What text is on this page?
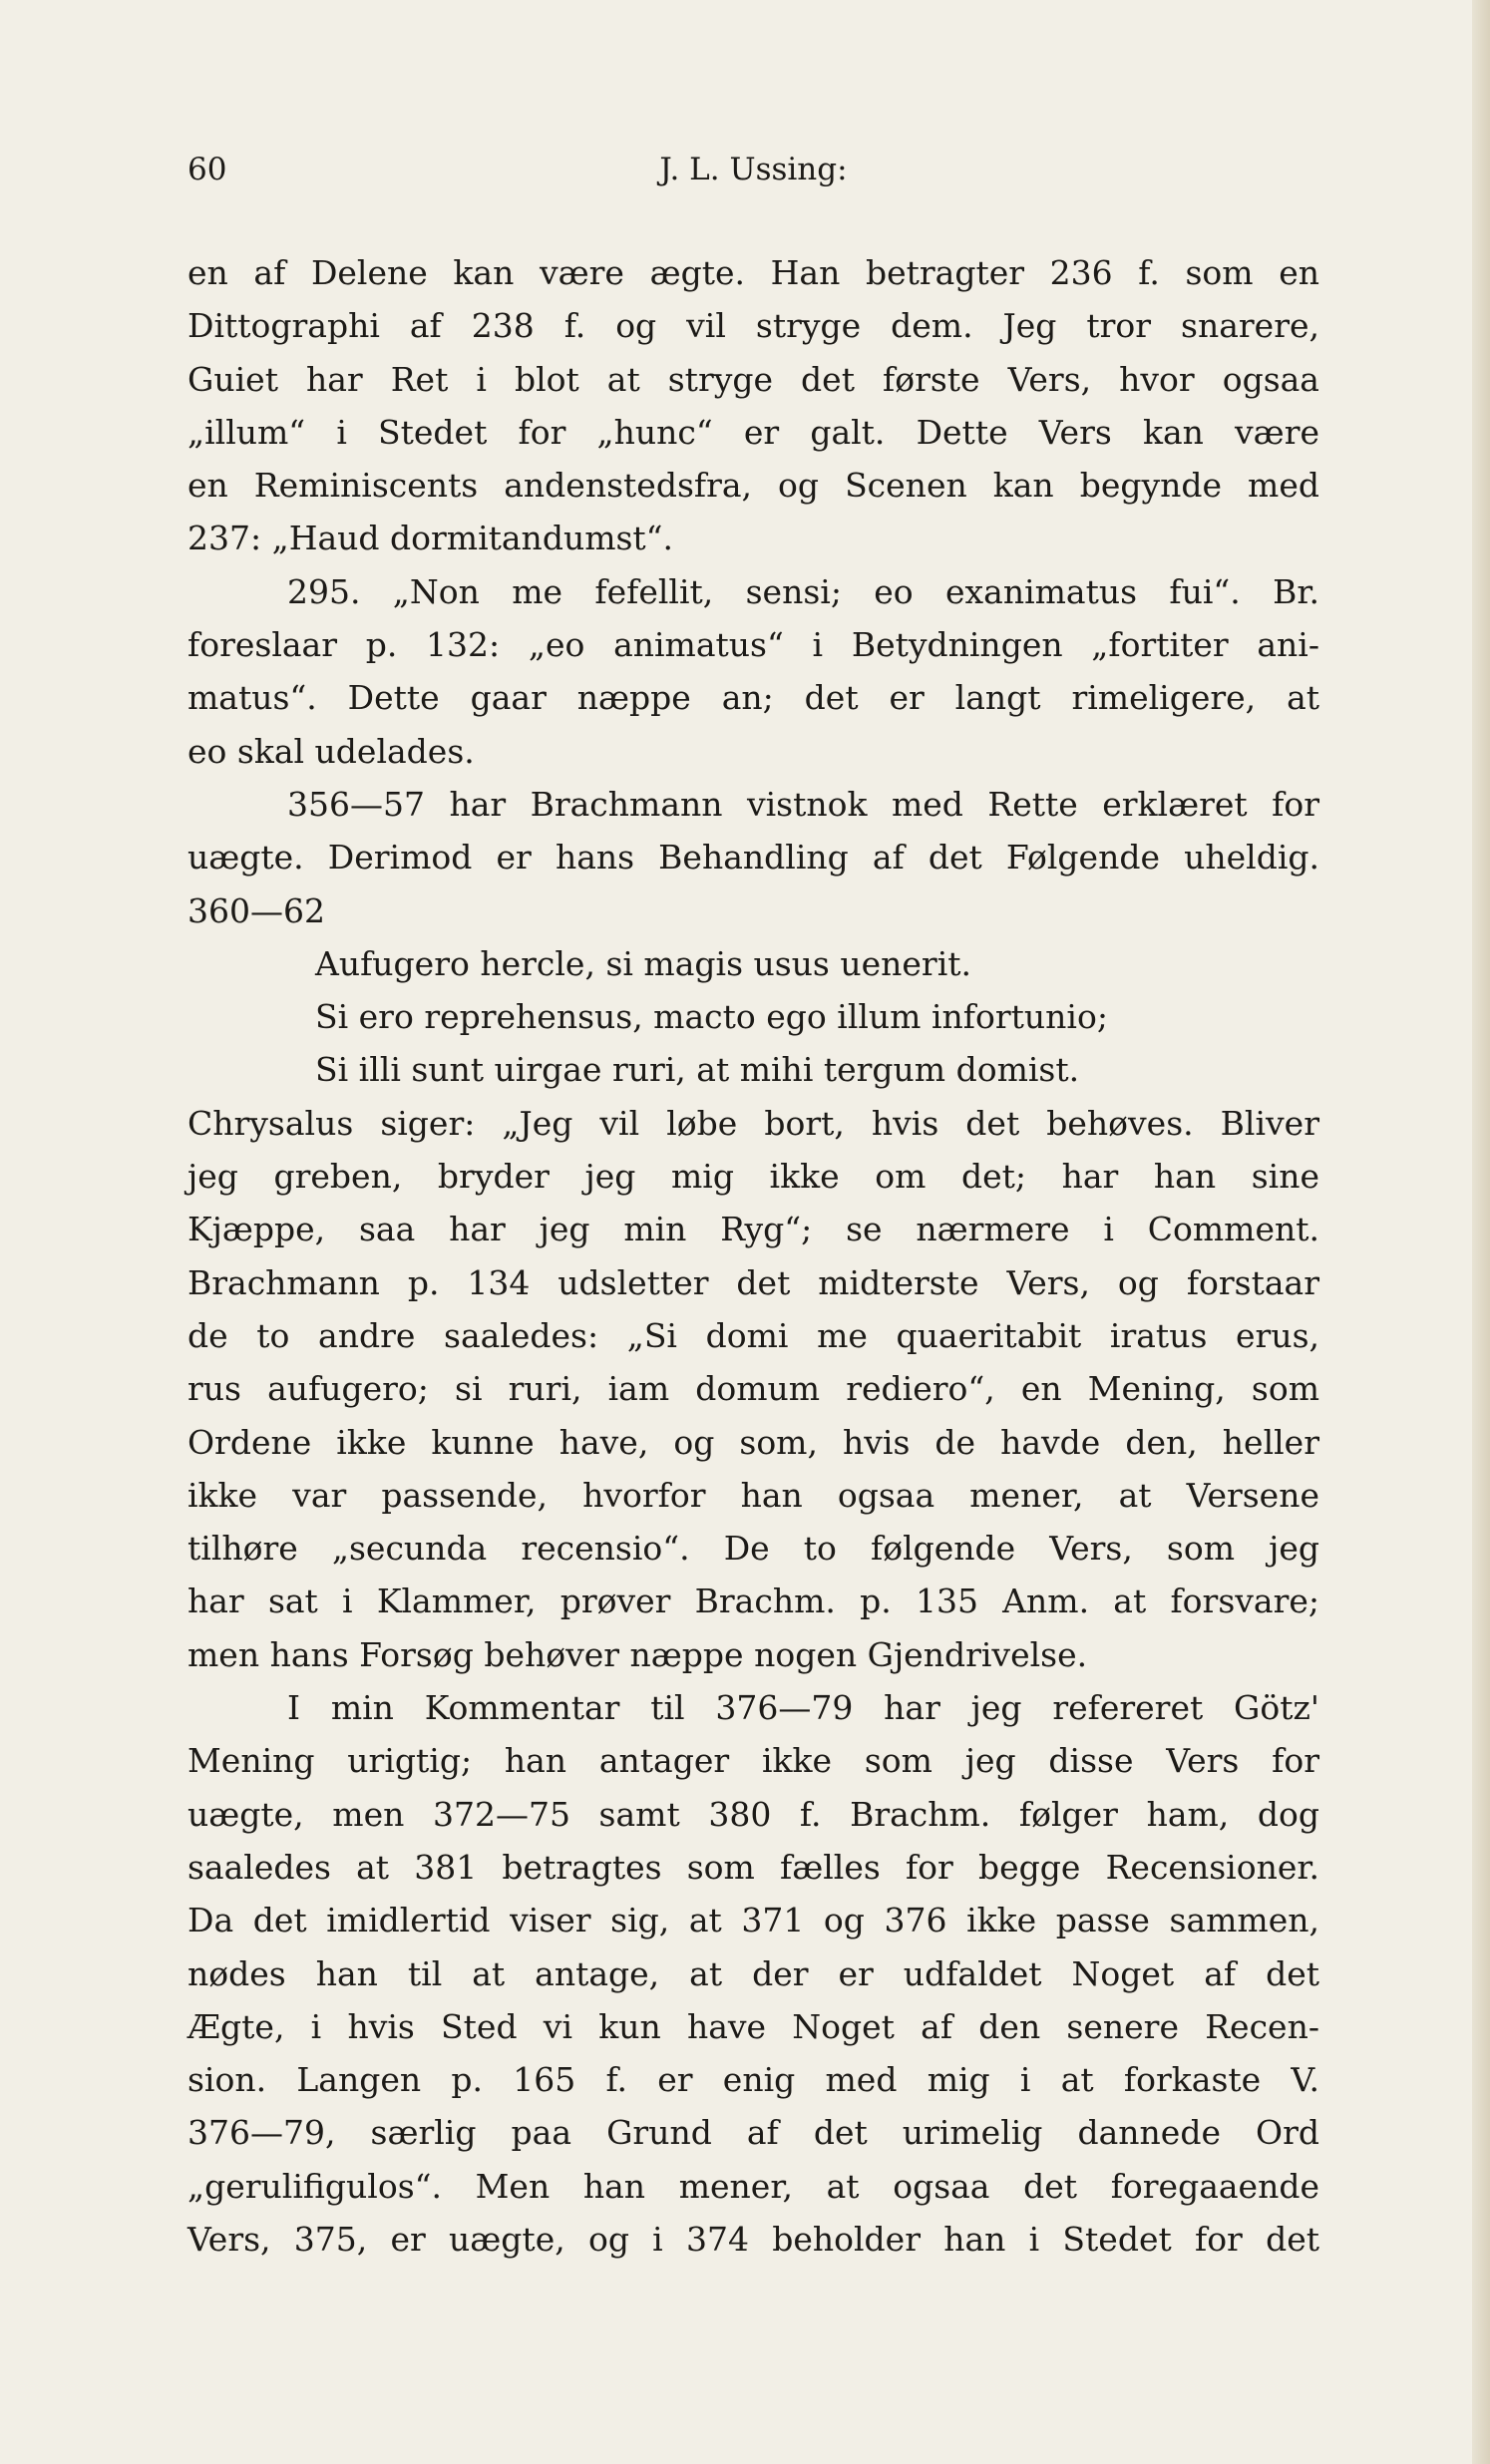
60	J. L. Ussing:
en af Delene kan være ægte. Han betragter 236 f. som en
Dittographi af 238 f. og vil stryge dem. Jeg tror snarere,
Guiet har Ret i blot at stryge det første Vers, hvor ogsaa
„illum“ i Stedet for „hunc“ er galt. Dette Vers kan være
en Reminiscents andenstedsfra, og Scenen kan begynde med
237: „Haud dormitandumst“.
295. „Non me fefellit, sensi; eo exanimatus fui“. Br.
foreslaar p. 132: „eo animatus“ i Betydningen „fortiter ani-
matus“. Dette gaar næppe an; det er langt rimeligere, at
eo skal udelades.
356—57 har Brachmann vistnok med Rette erklæret for
uægte. Derimod er hans Behandling af det Følgende uheldig.
360—62
Aufugero hercle, si magis usus uenerit.
Si ero reprehensus, macto ego illum infortunio;
Si illi sunt uirgae ruri, at mihi tergum domist.
Chrysalus siger: „Jeg vil løbe bort, hvis det behøves. Bliver
jeg greben, bryder jeg mig ikke om det; har han sine
Kjæppe, saa har jeg min Ryg“; se nærmere i Comment.
Brachmann p. 134 udsletter det midterste Vers, og forstaar
de to andre saaledes: „Si domi me quaeritabit iratus erus,
rus aufugero; si ruri, iam domum rediero“, en Mening, som
Ordene ikke kunne have, og som, hvis de havde den, heller
ikke var passende, hvorfor han ogsaa mener, at Versene
tilhøre „secunda recensio“. De to følgende Vers, som jeg
har sat i Klammer, prøver Brachm. p. 135 Anm. at forsvare;
men hans Forsøg behøver næppe nogen Gjendrivelse.
I min Kommentar til 376—79 har jeg refereret Götz'
Mening urigtig; han antager ikke som jeg disse Vers for
uægte, men 372—75 samt 380 f. Brachm. følger ham, dog
saaledes at 381 betragtes som fælles for begge Recensioner.
Da det imidlertid viser sig, at 371 og 376 ikke passe sammen,
nødes han til at antage, at der er udfaldet Noget af det
Ægte, i hvis Sted vi kun have Noget af den senere Recen-
sion. Langen p. 165 f. er enig med mig i at forkaste V.
376—79, særlig paa Grund af det urimelig dannede Ord
„gerulifigulos“. Men han mener, at ogsaa det foregaaende
Vers, 375, er uægte, og i 374 beholder han i Stedet for det
